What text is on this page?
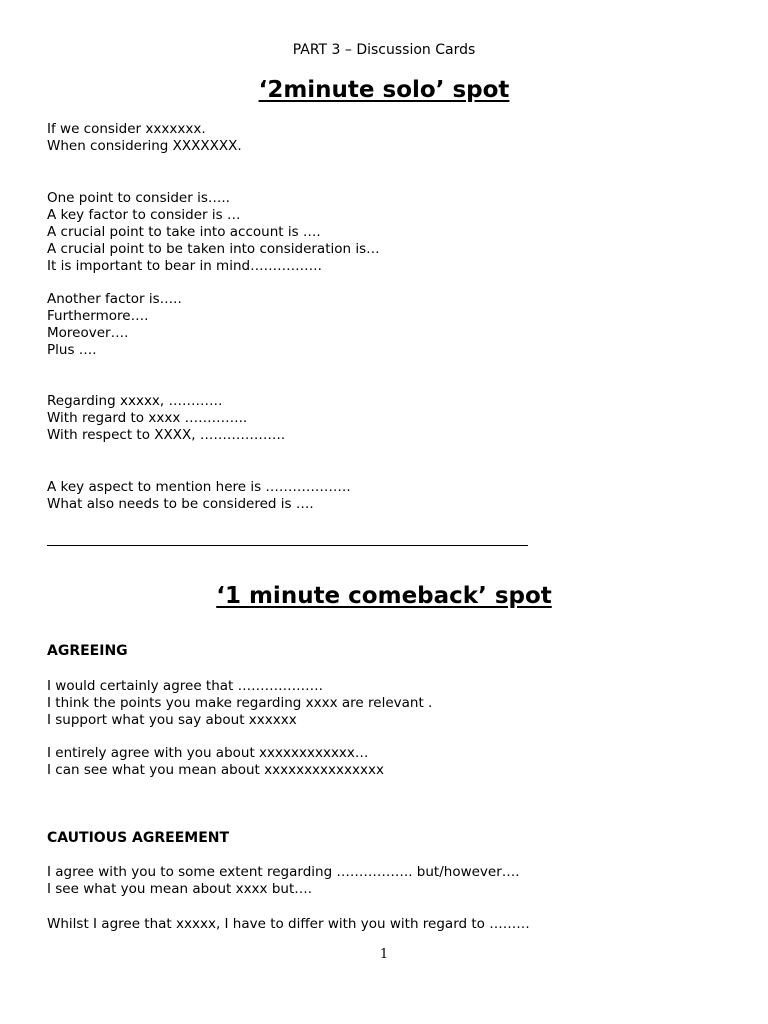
PART 3 – Discussion Cards
‘2minute solo’ spot
If we consider xxxxxxx.
When considering XXXXXXX.
One point to consider is…..
A key factor to consider is …
A crucial point to take into account is ….
A crucial point to be taken into consideration is…
It is important to bear in mind…………….
Another factor is…..
Furthermore….
Moreover….
Plus ….
Regarding xxxxx, …………
With regard to xxxx …………..
With respect to XXXX, ……………….
A key aspect to mention here is ……………….
What also needs to be considered is ….
‘1 minute comeback’ spot
AGREEING
I would certainly agree that ……………….
I think the points you make regarding xxxx are relevant .
I support what you say about xxxxxx
I entirely agree with you about xxxxxxxxxxxx…
I can see what you mean about xxxxxxxxxxxxxxx
CAUTIOUS AGREEMENT
I agree with you to some extent regarding …………….. but/however….
I see what you mean about xxxx but….
Whilst I agree that xxxxx, I have to differ with you with regard to ………
1
